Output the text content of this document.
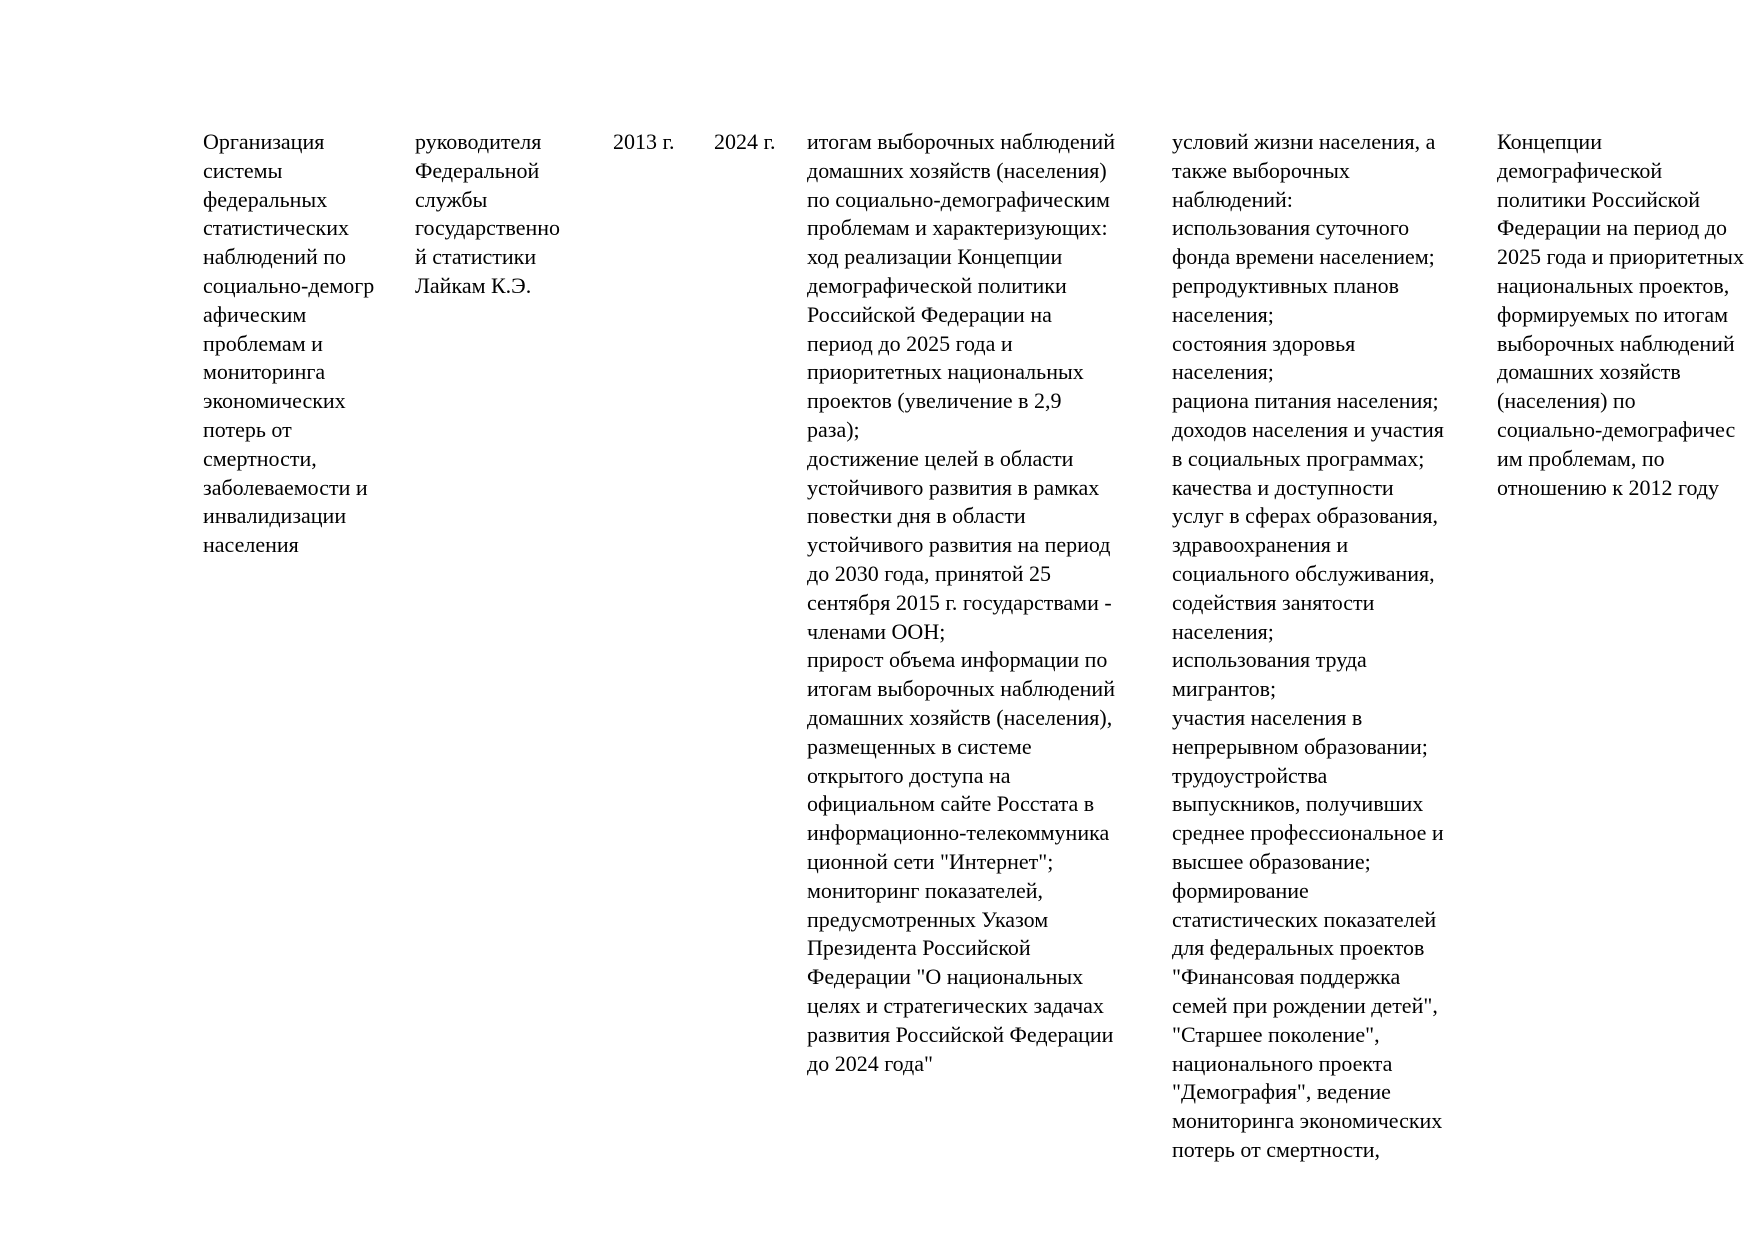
Организация
системы
федеральных
статистических
наблюдений по
социально-демогр
афическим
проблемам и
мониторинга
экономических
потерь от
смертности,
заболеваемости и
инвалидизации
населения
руководителя
Федеральной
службы
государственно
й статистики
Лайкам К.Э.
2013 г. 2024 г. итогам выборочных наблюдений
домашних хозяйств (населения)
по социально-демографическим
проблемам и характеризующих:
ход реализации Концепции
демографической политики
Российской Федерации на
период до 2025 года и
приоритетных национальных
проектов (увеличение в 2,9
раза);
достижение целей в области
устойчивого развития в рамках
повестки дня в области
устойчивого развития на период
до 2030 года, принятой 25
сентября 2015 г. государствами -
членами ООН;
прирост объема информации по
итогам выборочных наблюдений
домашних хозяйств (населения),
размещенных в системе
открытого доступа на
официальном сайте Росстата в
информационно-телекоммуника
ционной сети "Интернет";
мониторинг показателей,
предусмотренных Указом
Президента Российской
Федерации "О национальных
целях и стратегических задачах
развития Российской Федерации
до 2024 года"
условий жизни населения, а
также выборочных
наблюдений:
использования суточного
фонда времени населением;
репродуктивных планов
населения;
состояния здоровья
населения;
рациона питания населения;
доходов населения и участия
в социальных программах;
качества и доступности
услуг в сферах образования,
здравоохранения и
социального обслуживания,
содействия занятости
населения;
использования труда
мигрантов;
участия населения в
непрерывном образовании;
трудоустройства
выпускников, получивших
среднее профессиональное и
высшее образование;
формирование
статистических показателей
для федеральных проектов
"Финансовая поддержка
семей при рождении детей",
"Старшее поколение",
национального проекта
"Демография", ведение
мониторинга экономических
потерь от смертности,
Концепции
демографической
политики Российской
Федерации на период до
2025 года и приоритетных
национальных проектов,
формируемых по итогам
выборочных наблюдений
домашних хозяйств
(населения) по
социально-демографичес
им проблемам, по
отношению к 2012 году
